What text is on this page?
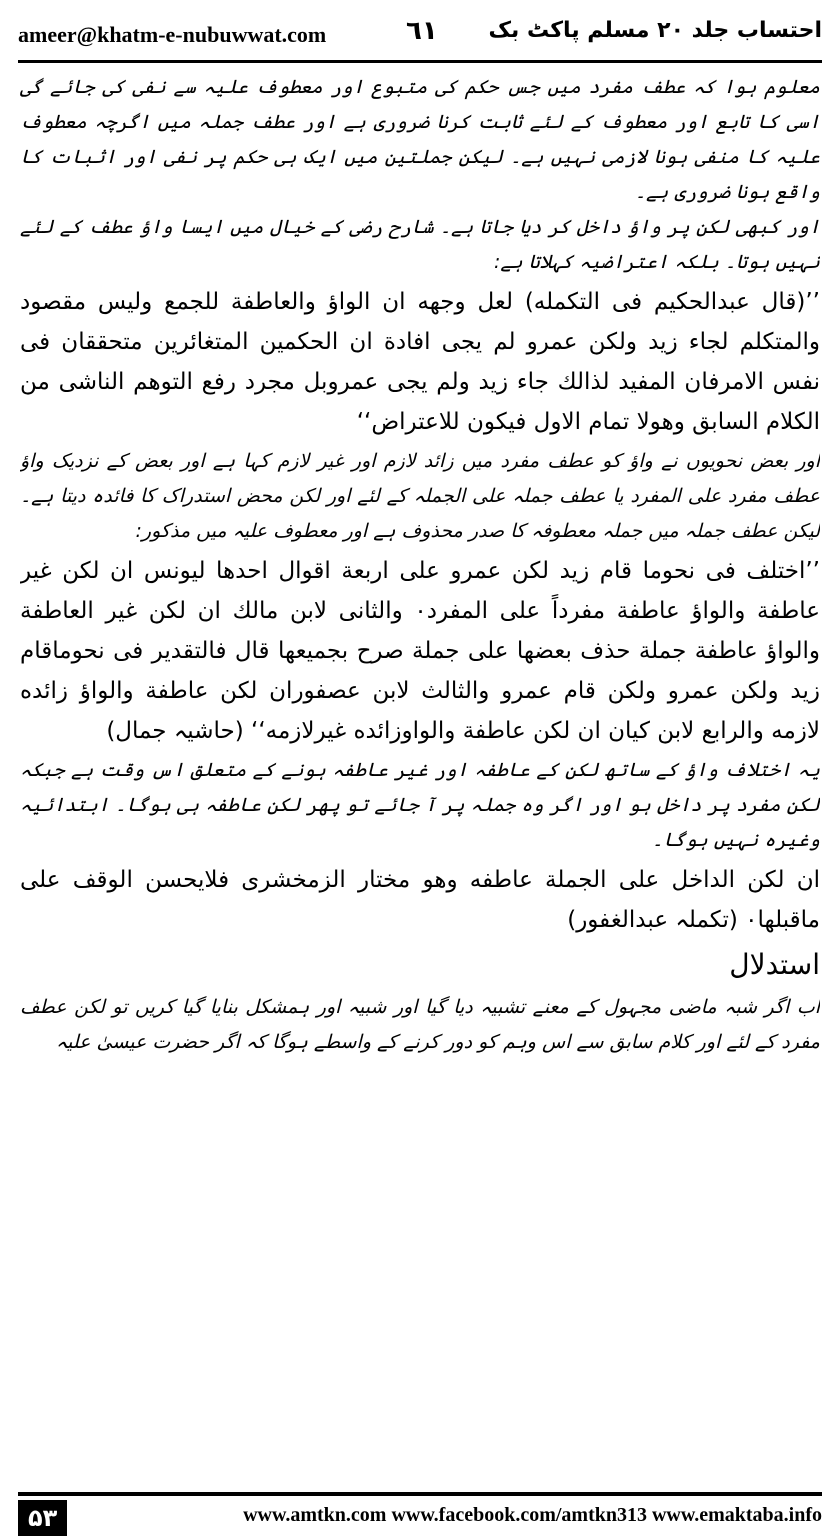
ameer@khatm-e-nubuwwat.com	٦١ احتساب جلد ۲۰ مسلم پاکٹ بک

معلوم ہوا کہ عطف مفرد میں جس حکم کی متبوع اور معطوف علیہ سے نفی کی جائے گی اسی کا تابع اور معطوف کے لئے ثابت کرنا ضروری ہے اور عطف جملہ میں اگرچہ معطوف علیہ کا منفی ہونا لازمی نہیں ہے۔ لیکن جملتین میں ایک ہی حکم پر نفی اور اثبات کا واقع ہونا ضروری ہے۔

اور کبھی لکن پر واؤ داخل کر دیا جاتا ہے۔ شارح رضی کے خیال میں ایسا واؤ عطف کے لئے نہیں ہوتا۔ بلکہ اعتراضیہ کہلاتا ہے:

’’(قال عبدالحکیم فی التکمله) لعل وجهه ان الواؤ والعاطفة للجمع ولیس مقصود والمتکلم لجاء زید ولکن عمرو لم یجی افادة ان الحکمین المتغائرین متحققان فی نفس الامرفان المفید لذالك جاء زید ولم یجی عمروبل مجرد رفع التوهم الناشی من الکلام السابق وهولا تمام الاول فیکون للاعتراض‘‘

اور بعض نحویوں نے واؤ کو عطف مفرد میں زائد لازم اور غیر لازم کہا ہے اور بعض کے نزدیک واؤ عطف مفرد علی المفرد یا عطف جملہ علی الجملہ کے لئے اور لکن محض استدراک کا فائدہ دیتا ہے۔ لیکن عطف جملہ میں جملہ معطوفہ کا صدر محذوف ہے اور معطوف علیہ میں مذکور:

’’اختلف فی نحوما قام زید لکن عمرو علی اربعة اقوال احدها لیونس ان لکن غیر عاطفة والواؤ عاطفة مفرداً علی المفرد۰ والثانی لابن مالك ان لکن غیر العاطفة والواؤ عاطفة جملة حذف بعضها علی جملة صرح بجمیعها قال فالتقدیر فی نحوماقام زید ولکن عمرو ولکن قام عمرو والثالث لابن عصفوران لکن عاطفة والواؤ زائده لازمه والرابع لابن کیان ان لکن عاطفة والواوزائده غیرلازمه‘‘ (حاشیہ جمال)

یہ اختلاف واؤ کے ساتھ لکن کے عاطفہ اور غیر عاطفہ ہونے کے متعلق اس وقت ہے جبکہ لکن مفرد پر داخل ہو اور اگر وہ جملہ پر آ جائے تو پھر لکن عاطفہ ہی ہوگا۔ ابتدائیہ وغیرہ نہیں ہوگا۔

ان لکن الداخل علی الجملة عاطفه وهو مختار الزمخشری فلایحسن الوقف علی ماقبلها۰ (تکملہ عبدالغفور)

استدلال

اب اگر شبہ ماضی مجہول کے معنے تشبیہ دیا گیا اور شبیہ اور ہمشکل بنایا گیا کریں تو لکن عطف مفرد کے لئے اور کلام سابق سے اس وہم کو دور کرنے کے واسطے ہوگا کہ اگر حضرت عیسیٰ علیہ

۵۳	www.amtkn.com www.facebook.com/amtkn313 www.emaktaba.info
